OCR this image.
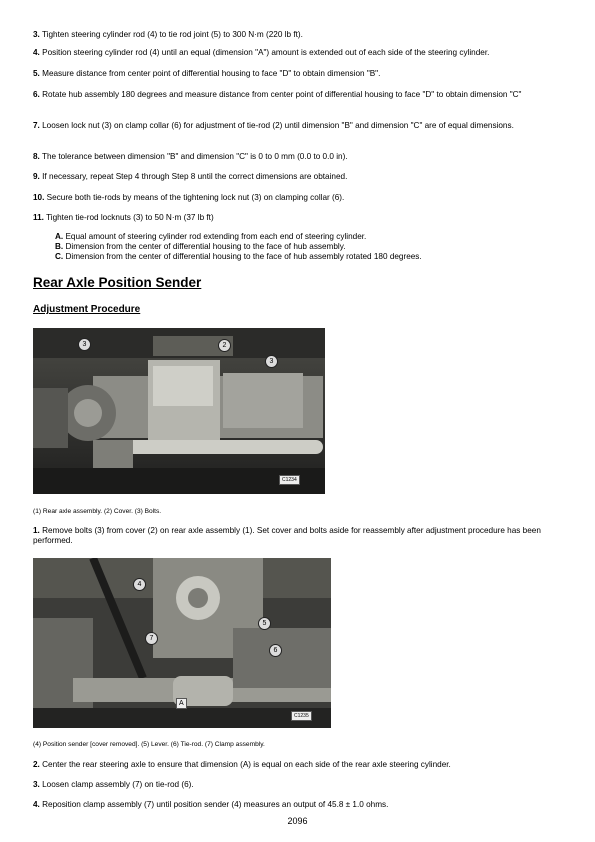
3. Tighten steering cylinder rod (4) to tie rod joint (5) to 300 N·m (220 lb ft).
4. Position steering cylinder rod (4) until an equal (dimension "A") amount is extended out of each side of the steering cylinder.
5. Measure distance from center point of differential housing to face "D" to obtain dimension "B".
6. Rotate hub assembly 180 degrees and measure distance from center point of differential housing to face "D" to obtain dimension "C"
7. Loosen lock nut (3) on clamp collar (6) for adjustment of tie-rod (2) until dimension "B" and dimension "C" are of equal dimensions.
8. The tolerance between dimension "B" and dimension "C" is 0 to 0 mm (0.0 to 0.0 in).
9. If necessary, repeat Step 4 through Step 8 until the correct dimensions are obtained.
10. Secure both tie-rods by means of the tightening lock nut (3) on clamping collar (6).
11. Tighten tie-rod locknuts (3) to 50 N·m (37 lb ft)
A. Equal amount of steering cylinder rod extending from each end of steering cylinder.
B. Dimension from the center of differential housing to the face of hub assembly.
C. Dimension from the center of differential housing to the face of hub assembly rotated 180 degrees.
Rear Axle Position Sender
Adjustment Procedure
3	2
3
C1234
(1) Rear axle assembly. (2) Cover. (3) Bolts.
1. Remove bolts (3) from cover (2) on rear axle assembly (1). Set cover and bolts aside for reassembly after adjustment procedure has been performed.
4
5
7
6
A
C1235
(4) Position sender [cover removed]. (5) Lever. (6) Tie-rod. (7) Clamp assembly.
2. Center the rear steering axle to ensure that dimension (A) is equal on each side of the rear axle steering cylinder.
3. Loosen clamp assembly (7) on tie-rod (6).
4. Reposition clamp assembly (7) until position sender (4) measures an output of 45.8 ± 1.0 ohms.
2096
